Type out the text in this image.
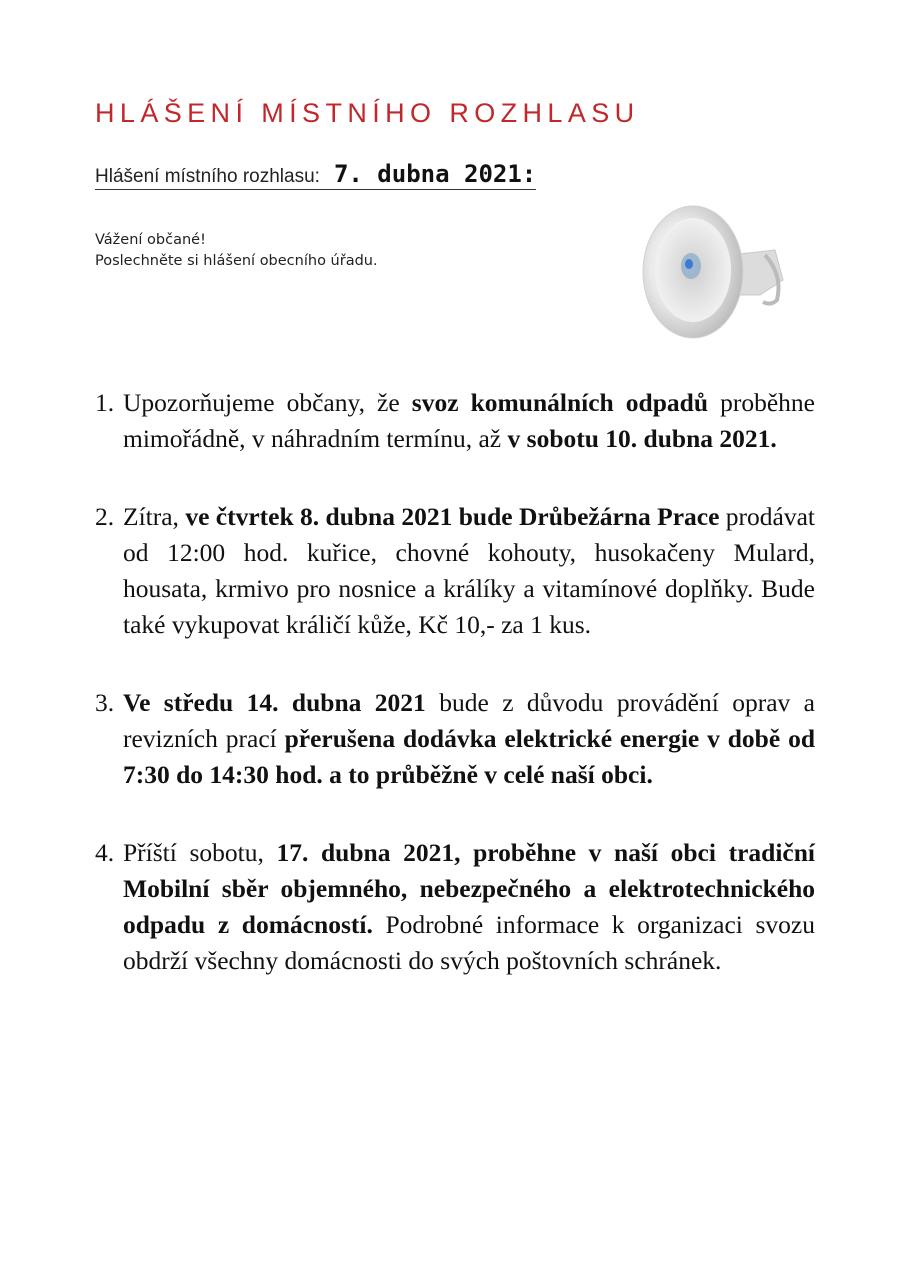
HLÁŠENÍ MÍSTNÍHO ROZHLASU
Hlášení místního rozhlasu: 7. dubna 2021:
Vážení občané!
Poslechněte si hlášení obecního úřadu.
1. Upozorňujeme občany, že svoz komunálních odpadů proběhne mimořádně, v náhradním termínu, až v sobotu 10. dubna 2021.
2. Zítra, ve čtvrtek 8. dubna 2021 bude Drůbežárna Prace prodávat od 12:00 hod. kuřice, chovné kohouty, husokačeny Mulard, housata, krmivo pro nosnice a králíky a vitamínové doplňky. Bude také vykupovat králičí kůže, Kč 10,- za 1 kus.
3. Ve středu 14. dubna 2021 bude z důvodu provádění oprav a revizních prací přerušena dodávka elektrické energie v době od 7:30 do 14:30 hod. a to průběžně v celé naší obci.
4. Příští sobotu, 17. dubna 2021, proběhne v naší obci tradiční Mobilní sběr objemného, nebezpečného a elektrotechnického odpadu z domácností. Podrobné informace k organizaci svozu obdrží všechny domácnosti do svých poštovních schránek.
